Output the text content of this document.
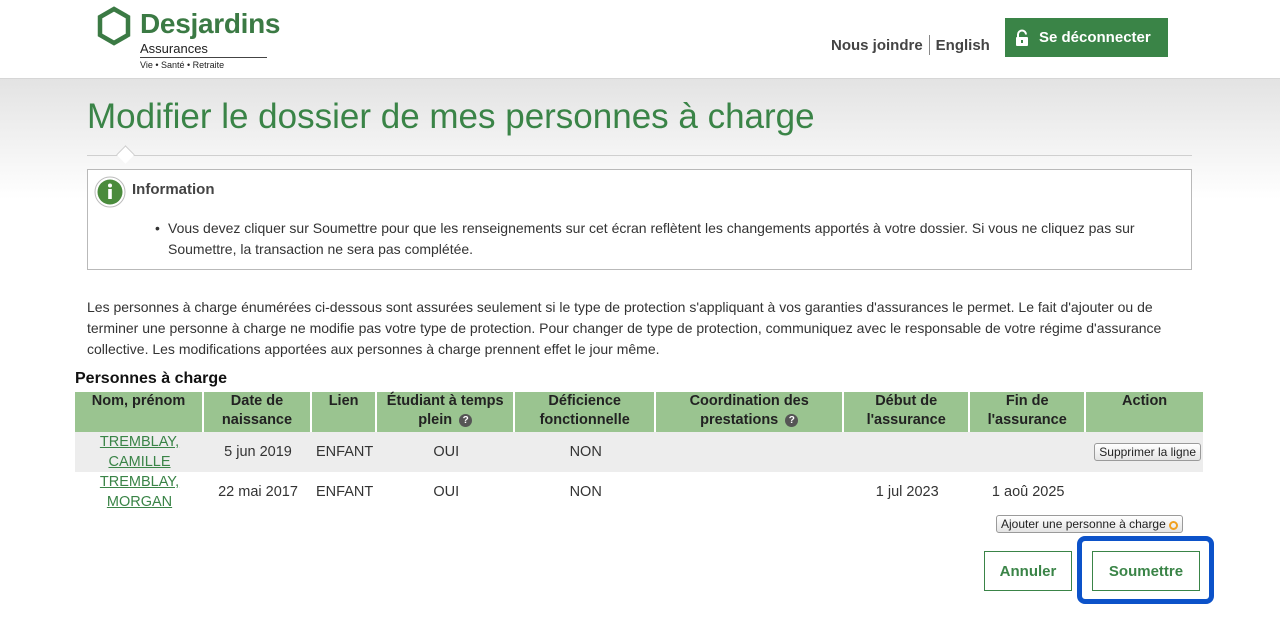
Desjardins
Assurances
Vie • Santé • Retraite
Nous joindre English	Se déconnecter
Modifier le dossier de mes personnes à charge
Information
• Vous devez cliquer sur Soumettre pour que les renseignements sur cet écran reflètent les changements apportés à votre dossier. Si vous ne cliquez pas sur Soumettre, la transaction ne sera pas complétée.
Les personnes à charge énumérées ci-dessous sont assurées seulement si le type de protection s'appliquant à vos garanties d'assurances le permet. Le fait d'ajouter ou de terminer une personne à charge ne modifie pas votre type de protection. Pour changer de type de protection, communiquez avec le responsable de votre régime d'assurance collective. Les modifications apportées aux personnes à charge prennent effet le jour même.
Personnes à charge
Nom, prénom	Date de naissance	Lien	Étudiant à temps plein ?	Déficience fonctionnelle	Coordination des prestations ?	Début de l'assurance	Fin de l'assurance	Action
TREMBLAY, CAMILLE	5 jun 2019	ENFANT	OUI	NON				Supprimer la ligne
TREMBLAY, MORGAN	22 mai 2017	ENFANT	OUI	NON		1 jul 2023	1 aoû 2025	
Ajouter une personne à charge
Annuler	Soumettre
